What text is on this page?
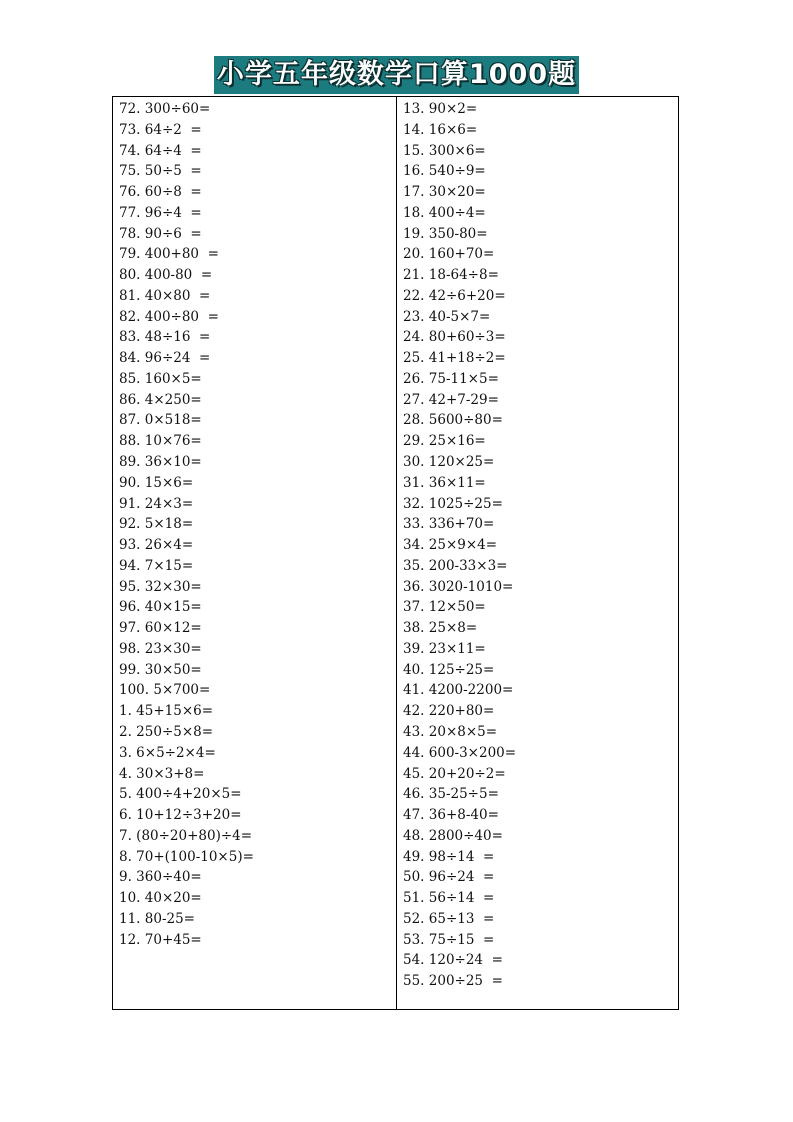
小学五年级数学口算1000题
72. 300÷60=
73. 64÷2  =
74. 64÷4  =
75. 50÷5  =
76. 60÷8  =
77. 96÷4  =
78. 90÷6  =
79. 400+80  =
80. 400-80  =
81. 40×80  =
82. 400÷80  =
83. 48÷16  =
84. 96÷24  =
85. 160×5=
86. 4×250=
87. 0×518=
88. 10×76=
89. 36×10=
90. 15×6=
91. 24×3=
92. 5×18=
93. 26×4=
94. 7×15=
95. 32×30=
96. 40×15=
97. 60×12=
98. 23×30=
99. 30×50=
100. 5×700=
1. 45+15×6=
2. 250÷5×8=
3. 6×5÷2×4=
4. 30×3+8=
5. 400÷4+20×5=
6. 10+12÷3+20=
7. (80÷20+80)÷4=
8. 70+(100-10×5)=
9. 360÷40=
10. 40×20=
11. 80-25=
12. 70+45=
13. 90×2=
14. 16×6=
15. 300×6=
16. 540÷9=
17. 30×20=
18. 400÷4=
19. 350-80=
20. 160+70=
21. 18-64÷8=
22. 42÷6+20=
23. 40-5×7=
24. 80+60÷3=
25. 41+18÷2=
26. 75-11×5=
27. 42+7-29=
28. 5600÷80=
29. 25×16=
30. 120×25=
31. 36×11=
32. 1025÷25=
33. 336+70=
34. 25×9×4=
35. 200-33×3=
36. 3020-1010=
37. 12×50=
38. 25×8=
39. 23×11=
40. 125÷25=
41. 4200-2200=
42. 220+80=
43. 20×8×5=
44. 600-3×200=
45. 20+20÷2=
46. 35-25÷5=
47. 36+8-40=
48. 2800÷40=
49. 98÷14  =
50. 96÷24  =
51. 56÷14  =
52. 65÷13  =
53. 75÷15  =
54. 120÷24  =
55. 200÷25  =
